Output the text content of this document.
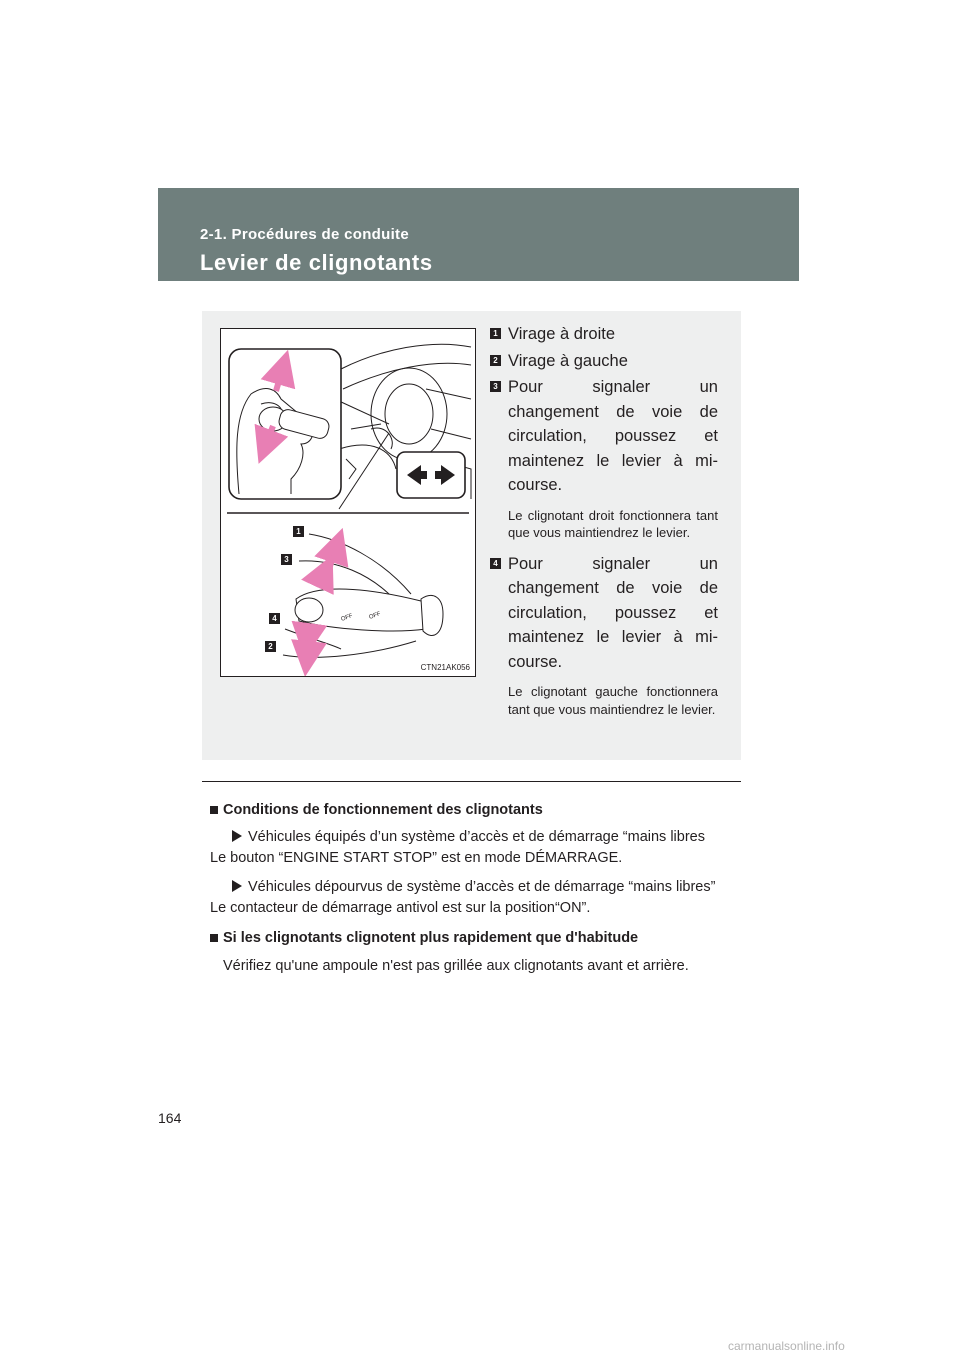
2-1. Procédures de conduite
Levier de clignotants
OFF OFF
1
3
4
2
CTN21AK056
1 Virage à droite
2 Virage à gauche
3 Pour signaler un changement de voie de circulation, poussez et maintenez le levier à mi-course.
Le clignotant droit fonctionnera tant que vous maintiendrez le levier.
4 Pour signaler un changement de voie de circulation, poussez et maintenez le levier à mi-course.
Le clignotant gauche fonctionnera tant que vous maintiendrez le levier.
Conditions de fonctionnement des clignotants
Véhicules équipés d’un système d’accès et de démarrage “mains libres
Le bouton “ENGINE START STOP” est en mode DÉMARRAGE.
Véhicules dépourvus de système d’accès et de démarrage “mains libres”
Le contacteur de démarrage antivol est sur la position“ON”.
Si les clignotants clignotent plus rapidement que d'habitude
Vérifiez qu'une ampoule n'est pas grillée aux clignotants avant et arrière.
164
carmanualsonline.info
